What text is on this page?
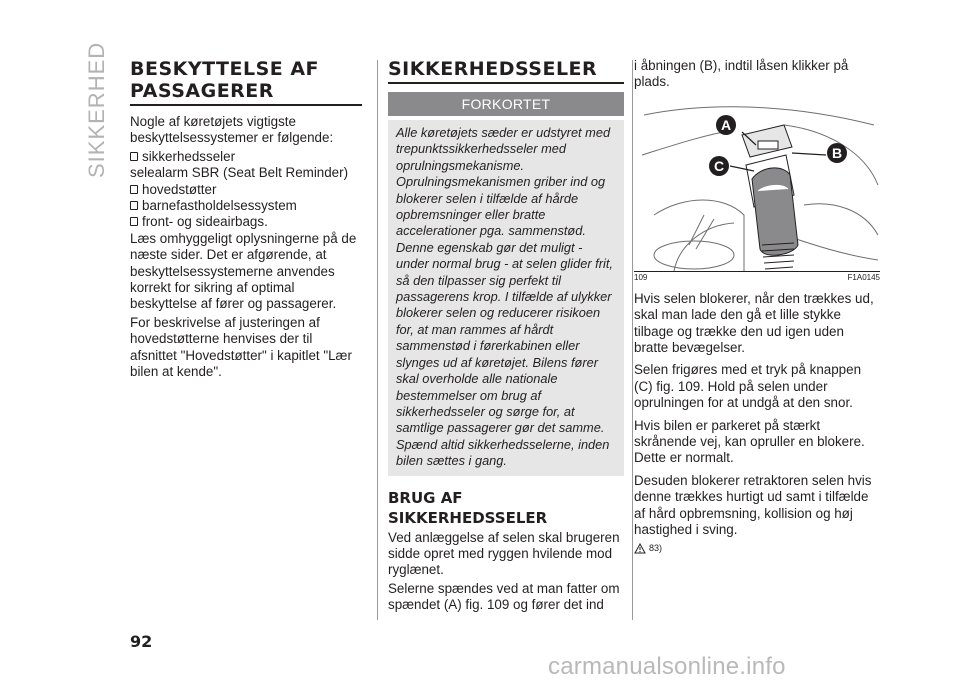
SIKKERHED BESKYTTELSE AF
PASSAGERER

Nogle af køretøjets vigtigste beskyttelsessystemer er følgende:

sikkerhedsseler
selealarm SBR (Seat Belt Reminder)
hovedstøtter
barnefastholdelsessystem
front- og sideairbags.

Læs omhyggeligt oplysningerne på de næste sider. Det er afgørende, at beskyttelsessystemerne anvendes korrekt for sikring af optimal beskyttelse af fører og passagerer.

For beskrivelse af justeringen af hovedstøtterne henvises der til afsnittet "Hovedstøtter" i kapitlet "Lær bilen at kende".

SIKKERHEDSSELER
FORKORTET
Alle køretøjets sæder er udstyret med trepunktssikkerhedsseler med oprulningsmekanisme. Oprulningsmekanismen griber ind og blokerer selen i tilfælde af hårde opbremsninger eller bratte accelerationer pga. sammenstød. Denne egenskab gør det muligt - under normal brug - at selen glider frit, så den tilpasser sig perfekt til passagerens krop. I tilfælde af ulykker blokerer selen og reducerer risikoen for, at man rammes af hårdt sammenstød i førerkabinen eller slynges ud af køretøjet. Bilens fører skal overholde alle nationale bestemmelser om brug af sikkerhedsseler og sørge for, at samtlige passagerer gør det samme. Spænd altid sikkerhedsselerne, inden bilen sættes i gang.
BRUG AF
SIKKERHEDSSELER

Ved anlæggelse af selen skal brugeren sidde opret med ryggen hvilende mod ryglænet.

Selerne spændes ved at man fatter om spændet (A) fig. 109 og fører det ind

i åbningen (B), indtil låsen klikker på plads.

A
B
C
109	F1A0145

Hvis selen blokerer, når den trækkes ud, skal man lade den gå et lille stykke tilbage og trække den ud igen uden bratte bevægelser.

Selen frigøres med et tryk på knappen (C) fig. 109. Hold på selen under oprulningen for at undgå at den snor.

Hvis bilen er parkeret på stærkt skrånende vej, kan opruller en blokere. Dette er normalt.

Desuden blokerer retraktoren selen hvis denne trækkes hurtigt ud samt i tilfælde af hård opbremsning, kollision og høj hastighed i sving.

83)
92
carmanualsonline.info
